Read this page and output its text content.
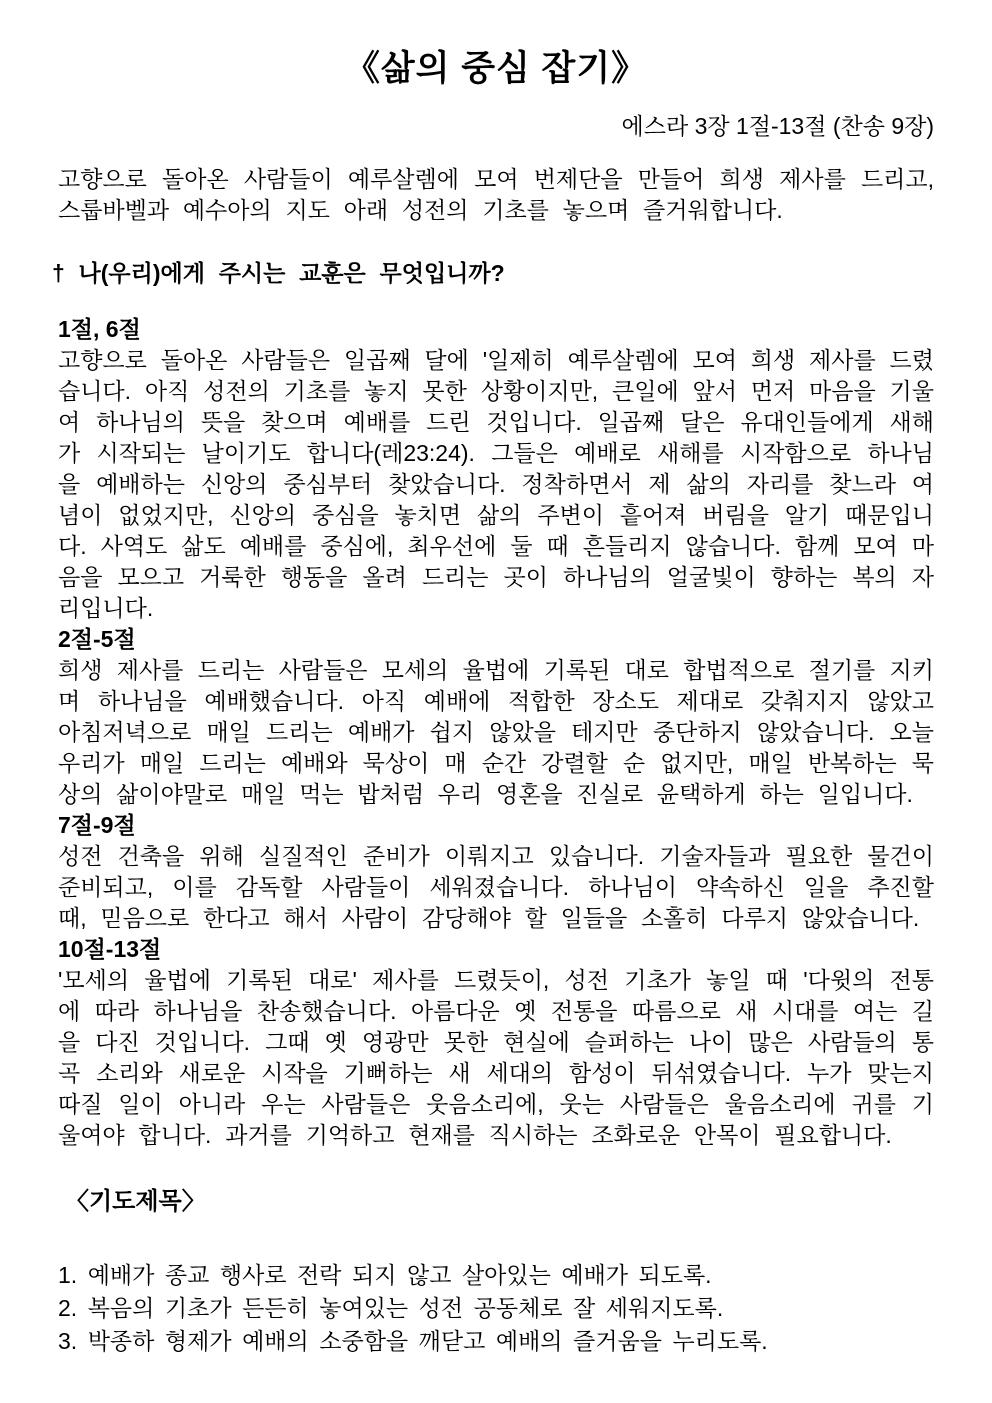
《삶의 중심 잡기》
에스라 3장 1절-13절 (찬송 9장)

고향으로 돌아온 사람들이 예루살렘에 모여 번제단을 만들어 희생 제사를 드리고, 스룹바벨과 예수아의 지도 아래 성전의 기초를 놓으며 즐거워합니다.

† 나(우리)에게 주시는 교훈은 무엇입니까?
1절, 6절

고향으로 돌아온 사람들은 일곱째 달에 '일제히 예루살렘에 모여 희생 제사를 드렸습니다. 아직 성전의 기초를 놓지 못한 상황이지만, 큰일에 앞서 먼저 마음을 기울여 하나님의 뜻을 찾으며 예배를 드린 것입니다. 일곱째 달은 유대인들에게 새해가 시작되는 날이기도 합니다(레23:24). 그들은 예배로 새해를 시작함으로 하나님을 예배하는 신앙의 중심부터 찾았습니다. 정착하면서 제 삶의 자리를 찾느라 여념이 없었지만, 신앙의 중심을 놓치면 삶의 주변이 흩어져 버림을 알기 때문입니다. 사역도 삶도 예배를 중심에, 최우선에 둘 때 흔들리지 않습니다. 함께 모여 마음을 모으고 거룩한 행동을 올려 드리는 곳이 하나님의 얼굴빛이 향하는 복의 자리입니다.

2절-5절

희생 제사를 드리는 사람들은 모세의 율법에 기록된 대로 합법적으로 절기를 지키며 하나님을 예배했습니다. 아직 예배에 적합한 장소도 제대로 갖춰지지 않았고 아침저녁으로 매일 드리는 예배가 쉽지 않았을 테지만 중단하지 않았습니다. 오늘 우리가 매일 드리는 예배와 묵상이 매 순간 강렬할 순 없지만, 매일 반복하는 묵상의 삶이야말로 매일 먹는 밥처럼 우리 영혼을 진실로 윤택하게 하는 일입니다.

7절-9절

성전 건축을 위해 실질적인 준비가 이뤄지고 있습니다. 기술자들과 필요한 물건이 준비되고, 이를 감독할 사람들이 세워졌습니다. 하나님이 약속하신 일을 추진할 때, 믿음으로 한다고 해서 사람이 감당해야 할 일들을 소홀히 다루지 않았습니다.

10절-13절

'모세의 율법에 기록된 대로' 제사를 드렸듯이, 성전 기초가 놓일 때 '다윗의 전통에 따라 하나님을 찬송했습니다. 아름다운 옛 전통을 따름으로 새 시대를 여는 길을 다진 것입니다. 그때 옛 영광만 못한 현실에 슬퍼하는 나이 많은 사람들의 통곡 소리와 새로운 시작을 기뻐하는 새 세대의 함성이 뒤섞였습니다. 누가 맞는지 따질 일이 아니라 우는 사람들은 웃음소리에, 웃는 사람들은 울음소리에 귀를 기울여야 합니다. 과거를 기억하고 현재를 직시하는 조화로운 안목이 필요합니다.

〈기도제목〉
1. 예배가 종교 행사로 전락 되지 않고 살아있는 예배가 되도록.
2. 복음의 기초가 든든히 놓여있는 성전 공동체로 잘 세워지도록.
3. 박종하 형제가 예배의 소중함을 깨닫고 예배의 즐거움을 누리도록.
